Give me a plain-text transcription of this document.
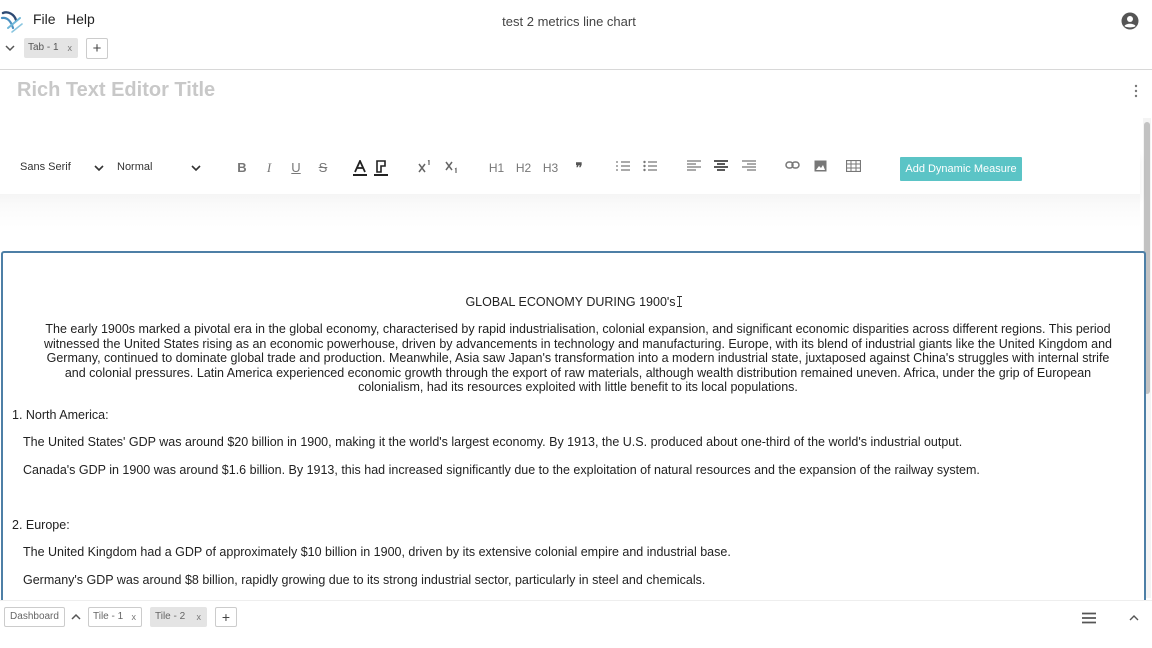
File Help	test 2 metrics line chart
Tab - 1 x	+
Rich Text Editor Title
Sans Serif	Normal	B I U S	H1 H2 H3 ❞	Add Dynamic Measure
GLOBAL ECONOMY DURING 1900's
The early 1900s marked a pivotal era in the global economy, characterised by rapid industrialisation, colonial expansion, and significant economic disparities across different regions. This period
witnessed the United States rising as an economic powerhouse, driven by advancements in technology and manufacturing. Europe, with its blend of industrial giants like the United Kingdom and
Germany, continued to dominate global trade and production. Meanwhile, Asia saw Japan's transformation into a modern industrial state, juxtaposed against China's struggles with internal strife
and colonial pressures. Latin America experienced economic growth through the export of raw materials, although wealth distribution remained uneven. Africa, under the grip of European
colonialism, had its resources exploited with little benefit to its local populations.
1. North America:
The United States' GDP was around $20 billion in 1900, making it the world's largest economy. By 1913, the U.S. produced about one-third of the world's industrial output.
Canada's GDP in 1900 was around $1.6 billion. By 1913, this had increased significantly due to the exploitation of natural resources and the expansion of the railway system.
2. Europe:
The United Kingdom had a GDP of approximately $10 billion in 1900, driven by its extensive colonial empire and industrial base.
Germany's GDP was around $8 billion, rapidly growing due to its strong industrial sector, particularly in steel and chemicals.
Dashboard	Tile - 1 x	Tile - 2 x	+
